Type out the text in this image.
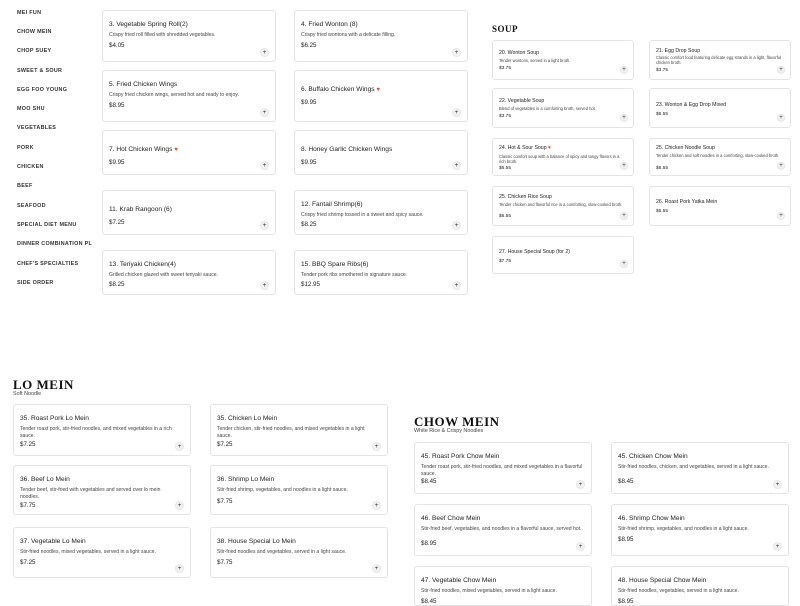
MEI FUN
CHOW MEIN
CHOP SUEY
SWEET & SOUR
EGG FOO YOUNG
MOO SHU
VEGETABLES
PORK
CHICKEN
BEEF
SEAFOOD
SPECIAL DIET MENU
DINNER COMBINATION PL
CHEF'S SPECIALTIES
SIDE ORDER
3. Vegetable Spring Roll(2)
Crispy fried roll filled with shredded vegetables.
$4.05
+
4. Fried Wonton (8)
Crispy fried wontons with a delicate filling.
$6.25
+
5. Fried Chicken Wings
Crispy fried chicken wings, served hot and ready to enjoy.
$8.95
+
6. Buffalo Chicken Wings ♥
$9.95
+
7. Hot Chicken Wings ♥
$9.95	+
8. Honey Garlic Chicken Wings
$9.95	+
11. Krab Rangoon (6)
$7.25	+
12. Fantail Shrimp(6)
Crispy fried shrimp tossed in a sweet and spicy sauce.
$8.25	+
13. Teriyaki Chicken(4)
Grilled chicken glazed with sweet teriyaki sauce.
$8.25	+
15. BBQ Spare Ribs(6)
Tender pork ribs smothered in signature sauce.
$12.95	+
SOUP
20. Wonton Soup
Tender wontons, served in a light broth.
$3.75	+
21. Egg Drop Soup
Classic comfort food featuring delicate egg strands in a light, flavorful chicken broth.
$3.75	+
22. Vegetable Soup
Blend of vegetables in a comforting broth, served hot.
$3.75	+
23. Wonton & Egg Drop Mixed
$6.55
+
24. Hot & Sour Soup ♥
Classic comfort soup with a balance of spicy and tangy flavors in a rich broth.
$6.55	+
25. Chicken Noodle Soup
Tender chicken and soft noodles in a comforting, slow-cooked broth.
$6.55	+
25. Chicken Rice Soup
Tender chicken and flavorful rice in a comforting, slow-cooked broth.
$6.55	+
26. Roast Pork Yatka Mein
$6.55
+
27. House Special Soup (for 2)
$7.75	+
LO MEIN
Soft Noodle
35. Roast Pork Lo Mein
Tender roast pork, stir-fried noodles, and mixed vegetables in a rich sauce.
$7.25	+
35. Chicken Lo Mein
Tender chicken, stir-fried noodles, and mixed vegetables in a light sauce.
$7.25	+
36. Beef Lo Mein
Tender beef, stir-fried with vegetables and served over lo mein noodles.
$7.75	+
36. Shrimp Lo Mein
Stir-fried shrimp, vegetables, and noodles in a light sauce.
$7.75
+
37. Vegetable Lo Mein
Stir-fried noodles, mixed vegetables, served in a light sauce.
$7.25
+
38. House Special Lo Mein
Stir-fried noodles and vegetables, served in a light sauce.
$7.75
+
CHOW MEIN
White Rice & Crispy Noodles
45. Roast Pork Chow Mein
Tender roast pork, stir-fried noodles, and mixed vegetables in a flavorful sauce.
$8.45	+
45. Chicken Chow Mein
Stir-fried noodles, chicken, and vegetables, served in a light sauce.
$8.45	+
46. Beef Chow Mein
Stir-fried beef, vegetables, and noodles in a flavorful sauce, served hot.
$8.95	+
46. Shrimp Chow Mein
Stir-fried shrimp, vegetables, and noodles in a light sauce.
$8.95
+
47. Vegetable Chow Mein
Stir-fried noodles, mixed vegetables, served in a light sauce.
$8.45
48. House Special Chow Mein
Stir-fried noodles, vegetables, served in a light sauce.
$8.95
